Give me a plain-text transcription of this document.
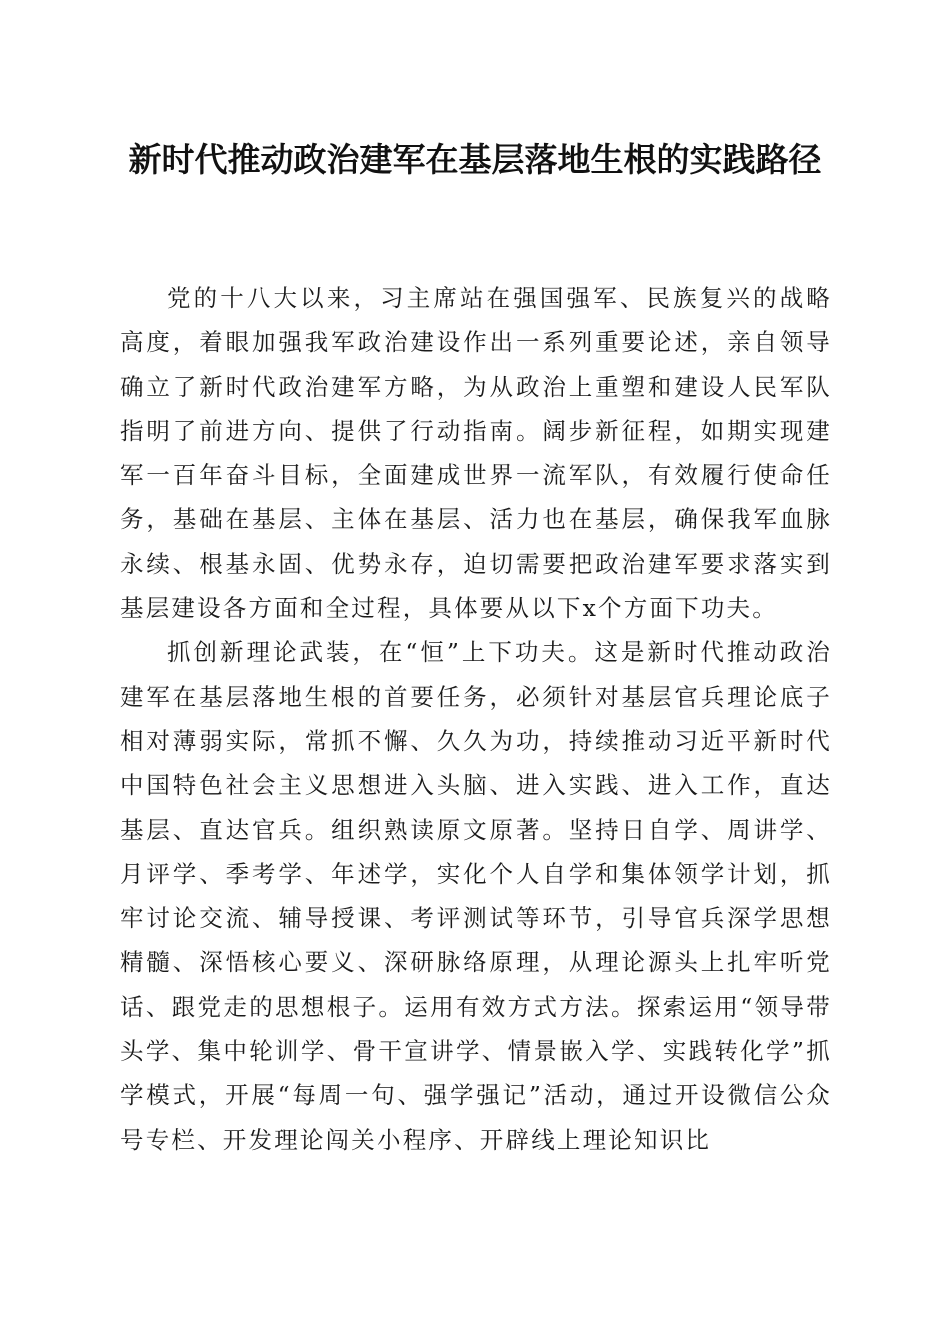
新时代推动政治建军在基层落地生根的实践路径

党的十八大以来，习主席站在强国强军、民族复兴的战略高度，着眼加强我军政治建设作出一系列重要论述，亲自领导确立了新时代政治建军方略，为从政治上重塑和建设人民军队指明了前进方向、提供了行动指南。阔步新征程，如期实现建军一百年奋斗目标，全面建成世界一流军队，有效履行使命任务，基础在基层、主体在基层、活力也在基层，确保我军血脉永续、根基永固、优势永存，迫切需要把政治建军要求落实到基层建设各方面和全过程，具体要从以下x个方面下功夫。

抓创新理论武装，在“恒”上下功夫。这是新时代推动政治建军在基层落地生根的首要任务，必须针对基层官兵理论底子相对薄弱实际，常抓不懈、久久为功，持续推动习近平新时代中国特色社会主义思想进入头脑、进入实践、进入工作，直达基层、直达官兵。组织熟读原文原著。坚持日自学、周讲学、月评学、季考学、年述学，实化个人自学和集体领学计划，抓牢讨论交流、辅导授课、考评测试等环节，引导官兵深学思想精髓、深悟核心要义、深研脉络原理，从理论源头上扎牢听党话、跟党走的思想根子。运用有效方式方法。探索运用“领导带头学、集中轮训学、骨干宣讲学、情景嵌入学、实践转化学”抓学模式，开展“每周一句、强学强记”活动，通过开设微信公众号专栏、开发理论闯关小程序、开辟线上理论知识比
